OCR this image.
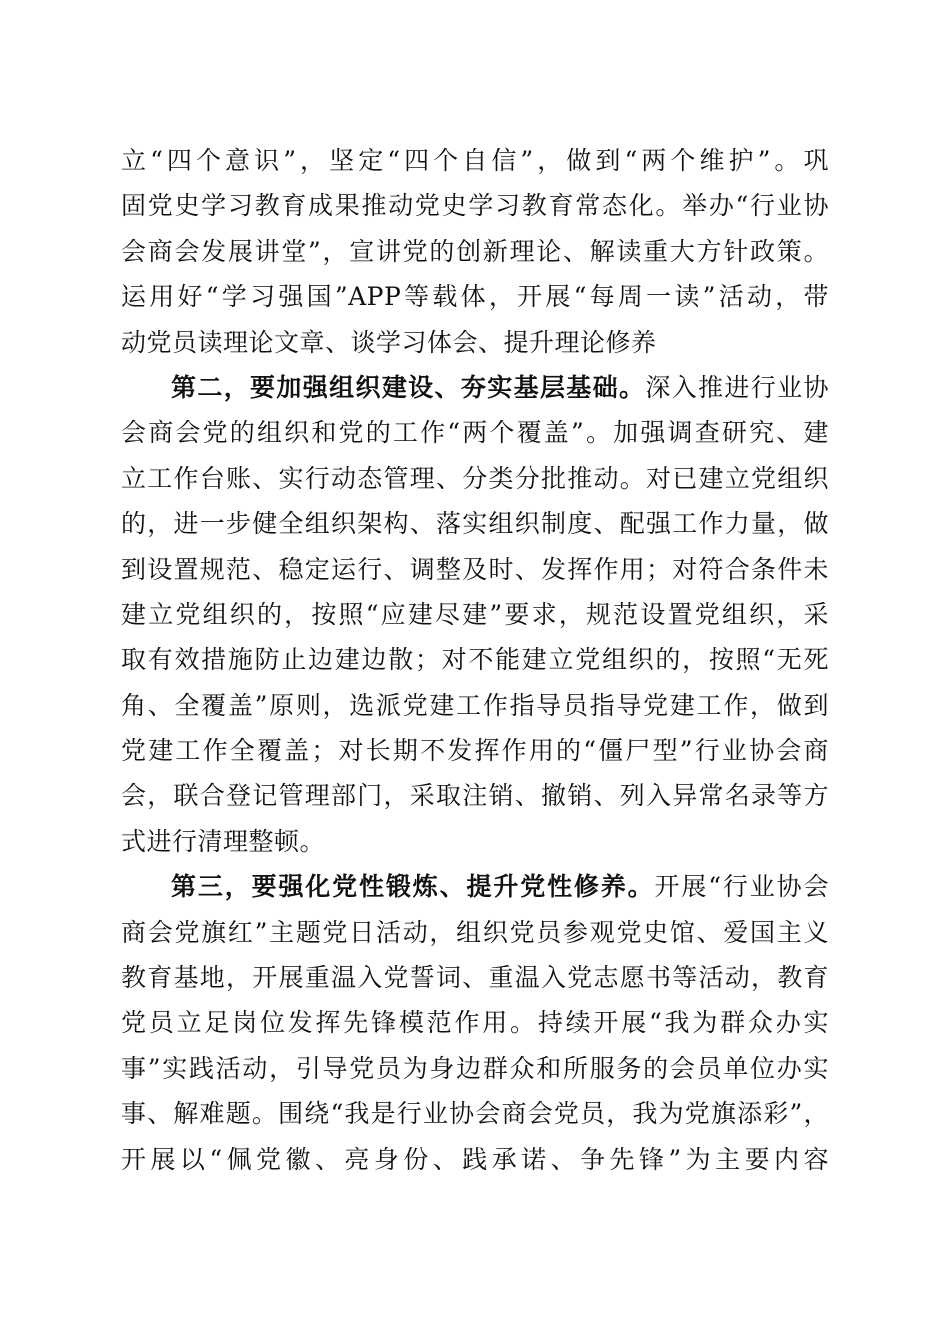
立“四个意识”，坚定“四个自信”，做到“两个维护”。巩
固党史学习教育成果推动党史学习教育常态化。举办“行业协
会商会发展讲堂”，宣讲党的创新理论、解读重大方针政策。
运用好“学习强国”APP等载体，开展“每周一读”活动，带
动党员读理论文章、谈学习体会、提升理论修养
第二，要加强组织建设、夯实基层基础。深入推进行业协
会商会党的组织和党的工作“两个覆盖”。加强调查研究、建
立工作台账、实行动态管理、分类分批推动。对已建立党组织
的，进一步健全组织架构、落实组织制度、配强工作力量，做
到设置规范、稳定运行、调整及时、发挥作用；对符合条件未
建立党组织的，按照“应建尽建”要求，规范设置党组织，采
取有效措施防止边建边散；对不能建立党组织的，按照“无死
角、全覆盖”原则，选派党建工作指导员指导党建工作，做到
党建工作全覆盖；对长期不发挥作用的“僵尸型”行业协会商
会，联合登记管理部门，采取注销、撤销、列入异常名录等方
式进行清理整顿。
第三，要强化党性锻炼、提升党性修养。开展“行业协会
商会党旗红”主题党日活动，组织党员参观党史馆、爱国主义
教育基地，开展重温入党誓词、重温入党志愿书等活动，教育
党员立足岗位发挥先锋模范作用。持续开展“我为群众办实
事”实践活动，引导党员为身边群众和所服务的会员单位办实
事、解难题。围绕“我是行业协会商会党员，我为党旗添彩”，
开展以“佩党徽、亮身份、践承诺、争先锋”为主要内容
